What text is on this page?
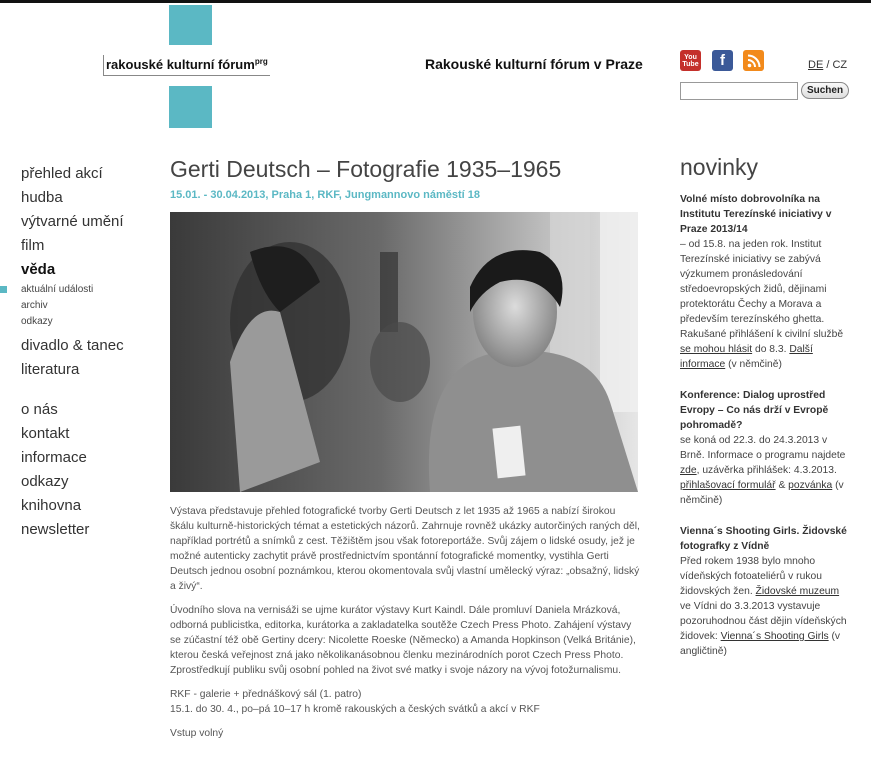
rakouské kulturní fórum$^{prg}$	Rakouské kulturní fórum v Praze	You
Tube f	DE / CZ
Suchen
přehled akcí
hudba
výtvarné umění
film
věda
aktuální události
archiv
odkazy
divadlo & tanec
literatura
o nás
kontakt
informace
odkazy
knihovna
newsletter
Gerti Deutsch – Fotografie 1935–1965
15.01. - 30.04.2013, Praha 1, RKF, Jungmannovo náměstí 18

Výstava představuje přehled fotografické tvorby Gerti Deutsch z let 1935 až 1965 a nabízí širokou škálu kulturně-historických témat a estetických názorů. Zahrnuje rovněž ukázky autorčiných raných děl, například portrétů a snímků z cest. Těžištěm jsou však fotoreportáže. Svůj zájem o lidské osudy, jež je možné autenticky zachytit právě prostřednictvím spontánní fotografické momentky, vystihla Gerti Deutsch jednou osobní poznámkou, kterou okomentovala svůj vlastní umělecký výraz: „obsažný, lidský a živý“.

Úvodního slova na vernisáži se ujme kurátor výstavy Kurt Kaindl. Dále promluví Daniela Mrázková, odborná publicistka, editorka, kurátorka a zakladatelka soutěže Czech Press Photo. Zahájení výstavy se zúčastní též obě Gertiny dcery: Nicolette Roeske (Německo) a Amanda Hopkinson (Velká Británie), kterou česká veřejnost zná jako několikanásobnou členku mezinárodních porot Czech Press Photo. Zprostředkují publiku svůj osobní pohled na život své matky i svoje názory na vývoj fotožurnalismu.

RKF - galerie + přednáškový sál (1. patro)
15.1. do 30. 4., po–pá 10–17 h kromě rakouských a českých svátků a akcí v RKF

Vstup volný

novinky
Volné místo dobrovolníka na Institutu Terezínské iniciativy v Praze 2013/14
– od 15.8. na jeden rok. Institut Terezínské iniciativy se zabývá výzkumem pronásledování středoevropských židů, dějinami protektorátu Čechy a Morava a především terezínského ghetta. Rakušané přihlášení k civilní službě se mohou hlásit do 8.3. Další informace (v němčině)
Konference: Dialog uprostřed Evropy – Co nás drží v Evropě pohromadě?
se koná od 22.3. do 24.3.2013 v Brně. Informace o programu najdete zde, uzávěrka přihlášek: 4.3.2013. přihlašovací formulář & pozvánka (v němčině)
Vienna´s Shooting Girls. Židovské fotografky z Vídně
Před rokem 1938 bylo mnoho vídeňských fotoateliérů v rukou židovských žen. Židovské muzeum ve Vídni do 3.3.2013 vystavuje pozoruhodnou část dějin vídeňských židovek: Vienna´s Shooting Girls (v angličtině)
